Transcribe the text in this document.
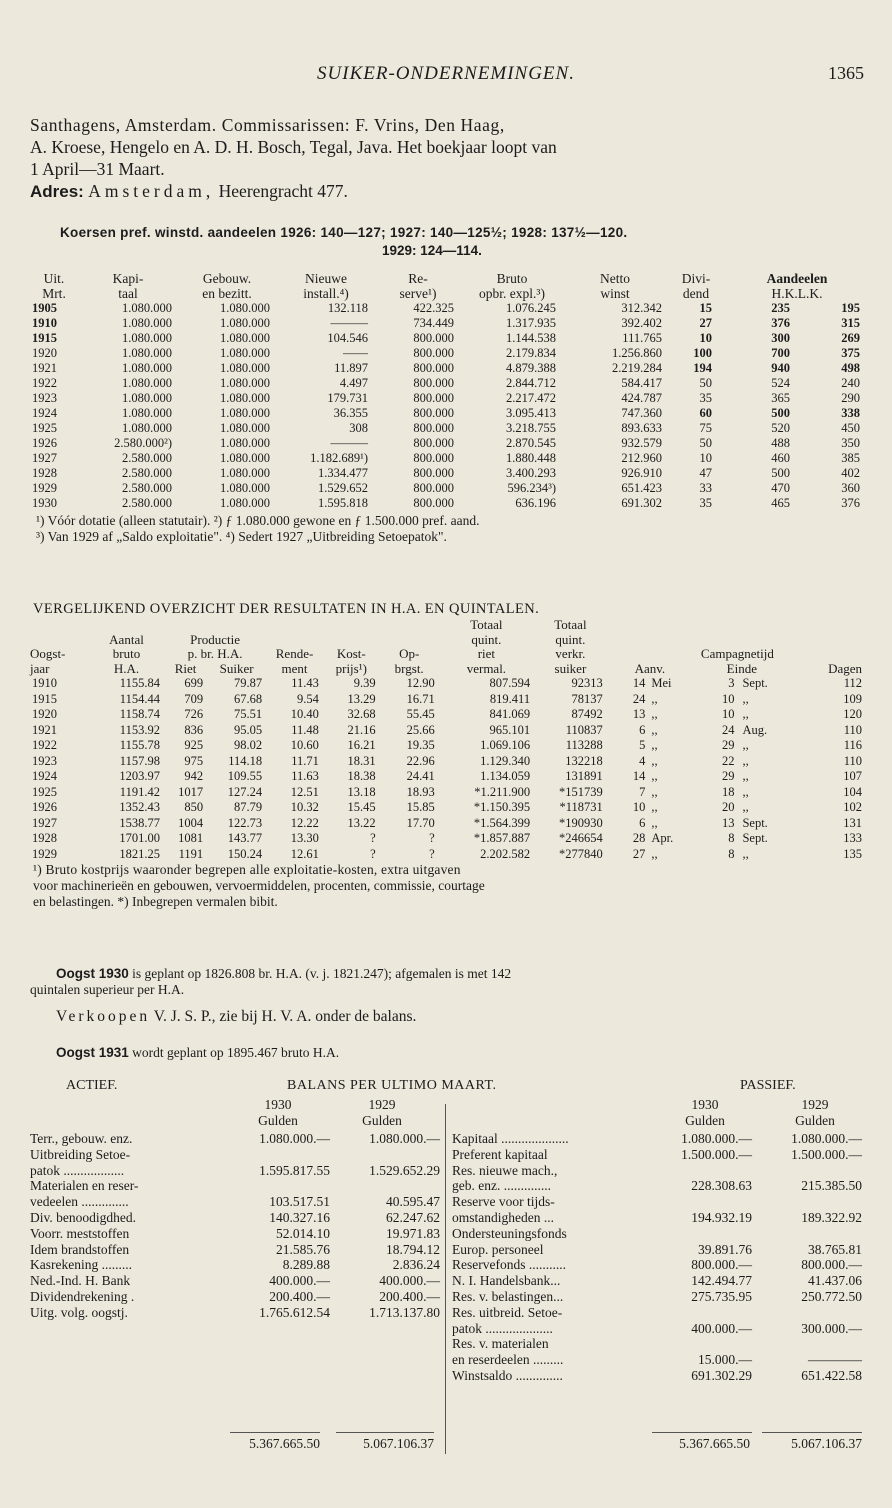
SUIKER-ONDERNEMINGEN.	1365
Santhagens, Amsterdam. Commissarissen: F. Vrins, Den Haag,
A. Kroese, Hengelo en A. D. H. Bosch, Tegal, Java. Het boekjaar loopt van
1 April—31 Maart.
Adres: Amsterdam, Heerengracht 477.
Koersen pref. winstd. aandeelen 1926: 140—127; 1927: 140—125½; 1928: 137½—120.
1929: 124—114.
Uit.	Kapi-	Gebouw.	Nieuwe	Re-	Bruto	Netto	Divi-	Aandeelen	
Mrt.	taal	en bezitt.	install.⁴)	serve¹)	opbr. expl.³)	winst	dend	H.K.L.K.	
1905	1.080.000	1.080.000	132.118	422.325	1.076.245	312.342	15	235	195
1910	1.080.000	1.080.000	———	734.449	1.317.935	392.402	27	376	315
1915	1.080.000	1.080.000	104.546	800.000	1.144.538	111.765	10	300	269
1920	1.080.000	1.080.000	——	800.000	2.179.834	1.256.860	100	700	375
1921	1.080.000	1.080.000	11.897	800.000	4.879.388	2.219.284	194	940	498
1922	1.080.000	1.080.000	4.497	800.000	2.844.712	584.417	50	524	240
1923	1.080.000	1.080.000	179.731	800.000	2.217.472	424.787	35	365	290
1924	1.080.000	1.080.000	36.355	800.000	3.095.413	747.360	60	500	338
1925	1.080.000	1.080.000	308	800.000	3.218.755	893.633	75	520	450
1926	2.580.000²)	1.080.000	———	800.000	2.870.545	932.579	50	488	350
1927	2.580.000	1.080.000	1.182.689¹)	800.000	1.880.448	212.960	10	460	385
1928	2.580.000	1.080.000	1.334.477	800.000	3.400.293	926.910	47	500	402
1929	2.580.000	1.080.000	1.529.652	800.000	596.234³)	651.423	33	470	360
1930	2.580.000	1.080.000	1.595.818	800.000	636.196	691.302	35	465	376
¹) Vóór dotatie (alleen statutair). ²) ƒ 1.080.000 gewone en ƒ 1.500.000 pref. aand.
³) Van 1929 af „Saldo exploitatie". ⁴) Sedert 1927 „Uitbreiding Setoepatok".
VERGELIJKEND OVERZICHT DER RESULTATEN IN H.A. EN QUINTALEN.
							Totaal	Totaal					
	Aantal	Productie					quint.	quint.					
Oogst-	bruto	p. br. H.A.		Rende-	Kost-	Op-	riet	verkr.	Campagnetijd				
jaar	H.A.	Riet	Suiker	ment	prijs¹)	brgst.	vermal.	suiker	Aanv.		Einde		Dagen
1910	1155.84	699	79.87	11.43	9.39	12.90	807.594	92313	14	Mei	3	Sept.	112
1915	1154.44	709	67.68	9.54	13.29	16.71	819.411	78137	24	,,	10	,,	109
1920	1158.74	726	75.51	10.40	32.68	55.45	841.069	87492	13	,,	10	,,	120
1921	1153.92	836	95.05	11.48	21.16	25.66	965.101	110837	6	,,	24	Aug.	110
1922	1155.78	925	98.02	10.60	16.21	19.35	1.069.106	113288	5	,,	29	,,	116
1923	1157.98	975	114.18	11.71	18.31	22.96	1.129.340	132218	4	,,	22	,,	110
1924	1203.97	942	109.55	11.63	18.38	24.41	1.134.059	131891	14	,,	29	,,	107
1925	1191.42	1017	127.24	12.51	13.18	18.93	*1.211.900	*151739	7	,,	18	,,	104
1926	1352.43	850	87.79	10.32	15.45	15.85	*1.150.395	*118731	10	,,	20	,,	102
1927	1538.77	1004	122.73	12.22	13.22	17.70	*1.564.399	*190930	6	,,	13	Sept.	131
1928	1701.00	1081	143.77	13.30	?	?	*1.857.887	*246654	28	Apr.	8	Sept.	133
1929	1821.25	1191	150.24	12.61	?	?	2.202.582	*277840	27	,,	8	,,	135
¹) Bruto kostprijs waaronder begrepen alle exploitatie-kosten, extra uitgaven
voor machinerieën en gebouwen, vervoermiddelen, procenten, commissie, courtage
en belastingen. *) Inbegrepen vermalen bibit.
Oogst 1930 is geplant op 1826.808 br. H.A. (v. j. 1821.247); afgemalen is met 142
quintalen superieur per H.A.
Verkoopen V. J. S. P., zie bij H. V. A. onder de balans.
Oogst 1931 wordt geplant op 1895.467 bruto H.A.
ACTIEF.	BALANS PER ULTIMO MAART.	PASSIEF.
1930	1929
Gulden	Gulden
1930	1929
Gulden	Gulden
Terr., gebouw. enz.	1.080.000.—	1.080.000.—
Uitbreiding Setoe-		
patok ..................	1.595.817.55	1.529.652.29
Materialen en reser-		
vedeelen ..............	103.517.51	40.595.47
Div. benoodigdhed.	140.327.16	62.247.62
Voorr. meststoffen	52.014.10	19.971.83
Idem brandstoffen	21.585.76	18.794.12
Kasrekening .........	8.289.88	2.836.24
Ned.-Ind. H. Bank	400.000.—	400.000.—
Dividendrekening .	200.400.—	200.400.—
Uitg. volg. oogstj.	1.765.612.54	1.713.137.80
Kapitaal ....................	1.080.000.—	1.080.000.—
Preferent kapitaal	1.500.000.—	1.500.000.—
Res. nieuwe mach.,		
geb. enz. ..............	228.308.63	215.385.50
Reserve voor tijds-		
omstandigheden ...	194.932.19	189.322.92
Ondersteuningsfonds		
Europ. personeel	39.891.76	38.765.81
Reservefonds ...........	800.000.—	800.000.—
N. I. Handelsbank...	142.494.77	41.437.06
Res. v. belastingen...	275.735.95	250.772.50
Res. uitbreid. Setoe-		
patok ....................	400.000.—	300.000.—
Res. v. materialen		
en reserdeelen .........	15.000.—	————
Winstsaldo ..............	691.302.29	651.422.58
5.367.665.50	5.067.106.37	5.367.665.50	5.067.106.37
